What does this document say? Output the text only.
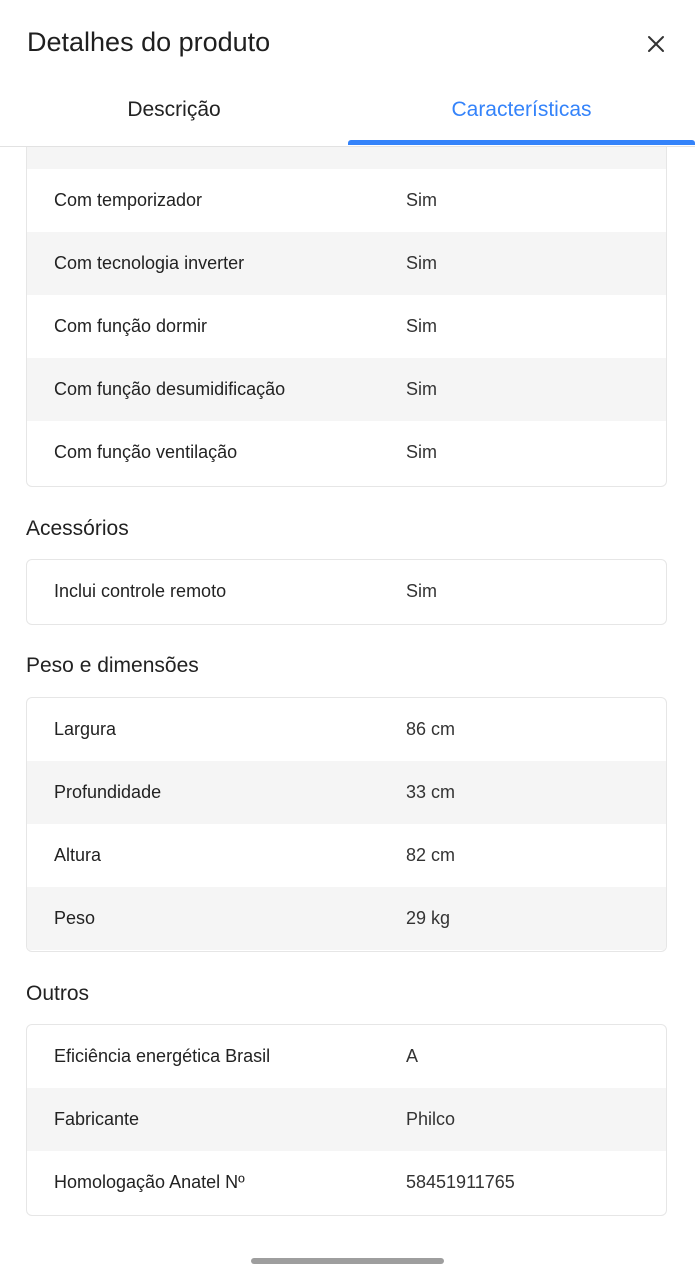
Com temporizador	Sim
Com tecnologia inverter	Sim
Com função dormir	Sim
Com função desumidificação	Sim
Com função ventilação	Sim
Acessórios
Inclui controle remoto	Sim
Peso e dimensões
Largura	86 cm
Profundidade	33 cm
Altura	82 cm
Peso	29 kg
Outros
Eficiência energética Brasil	A
Fabricante	Philco
Homologação Anatel Nº	58451911765
Detalhes do produto
Descrição	Características
